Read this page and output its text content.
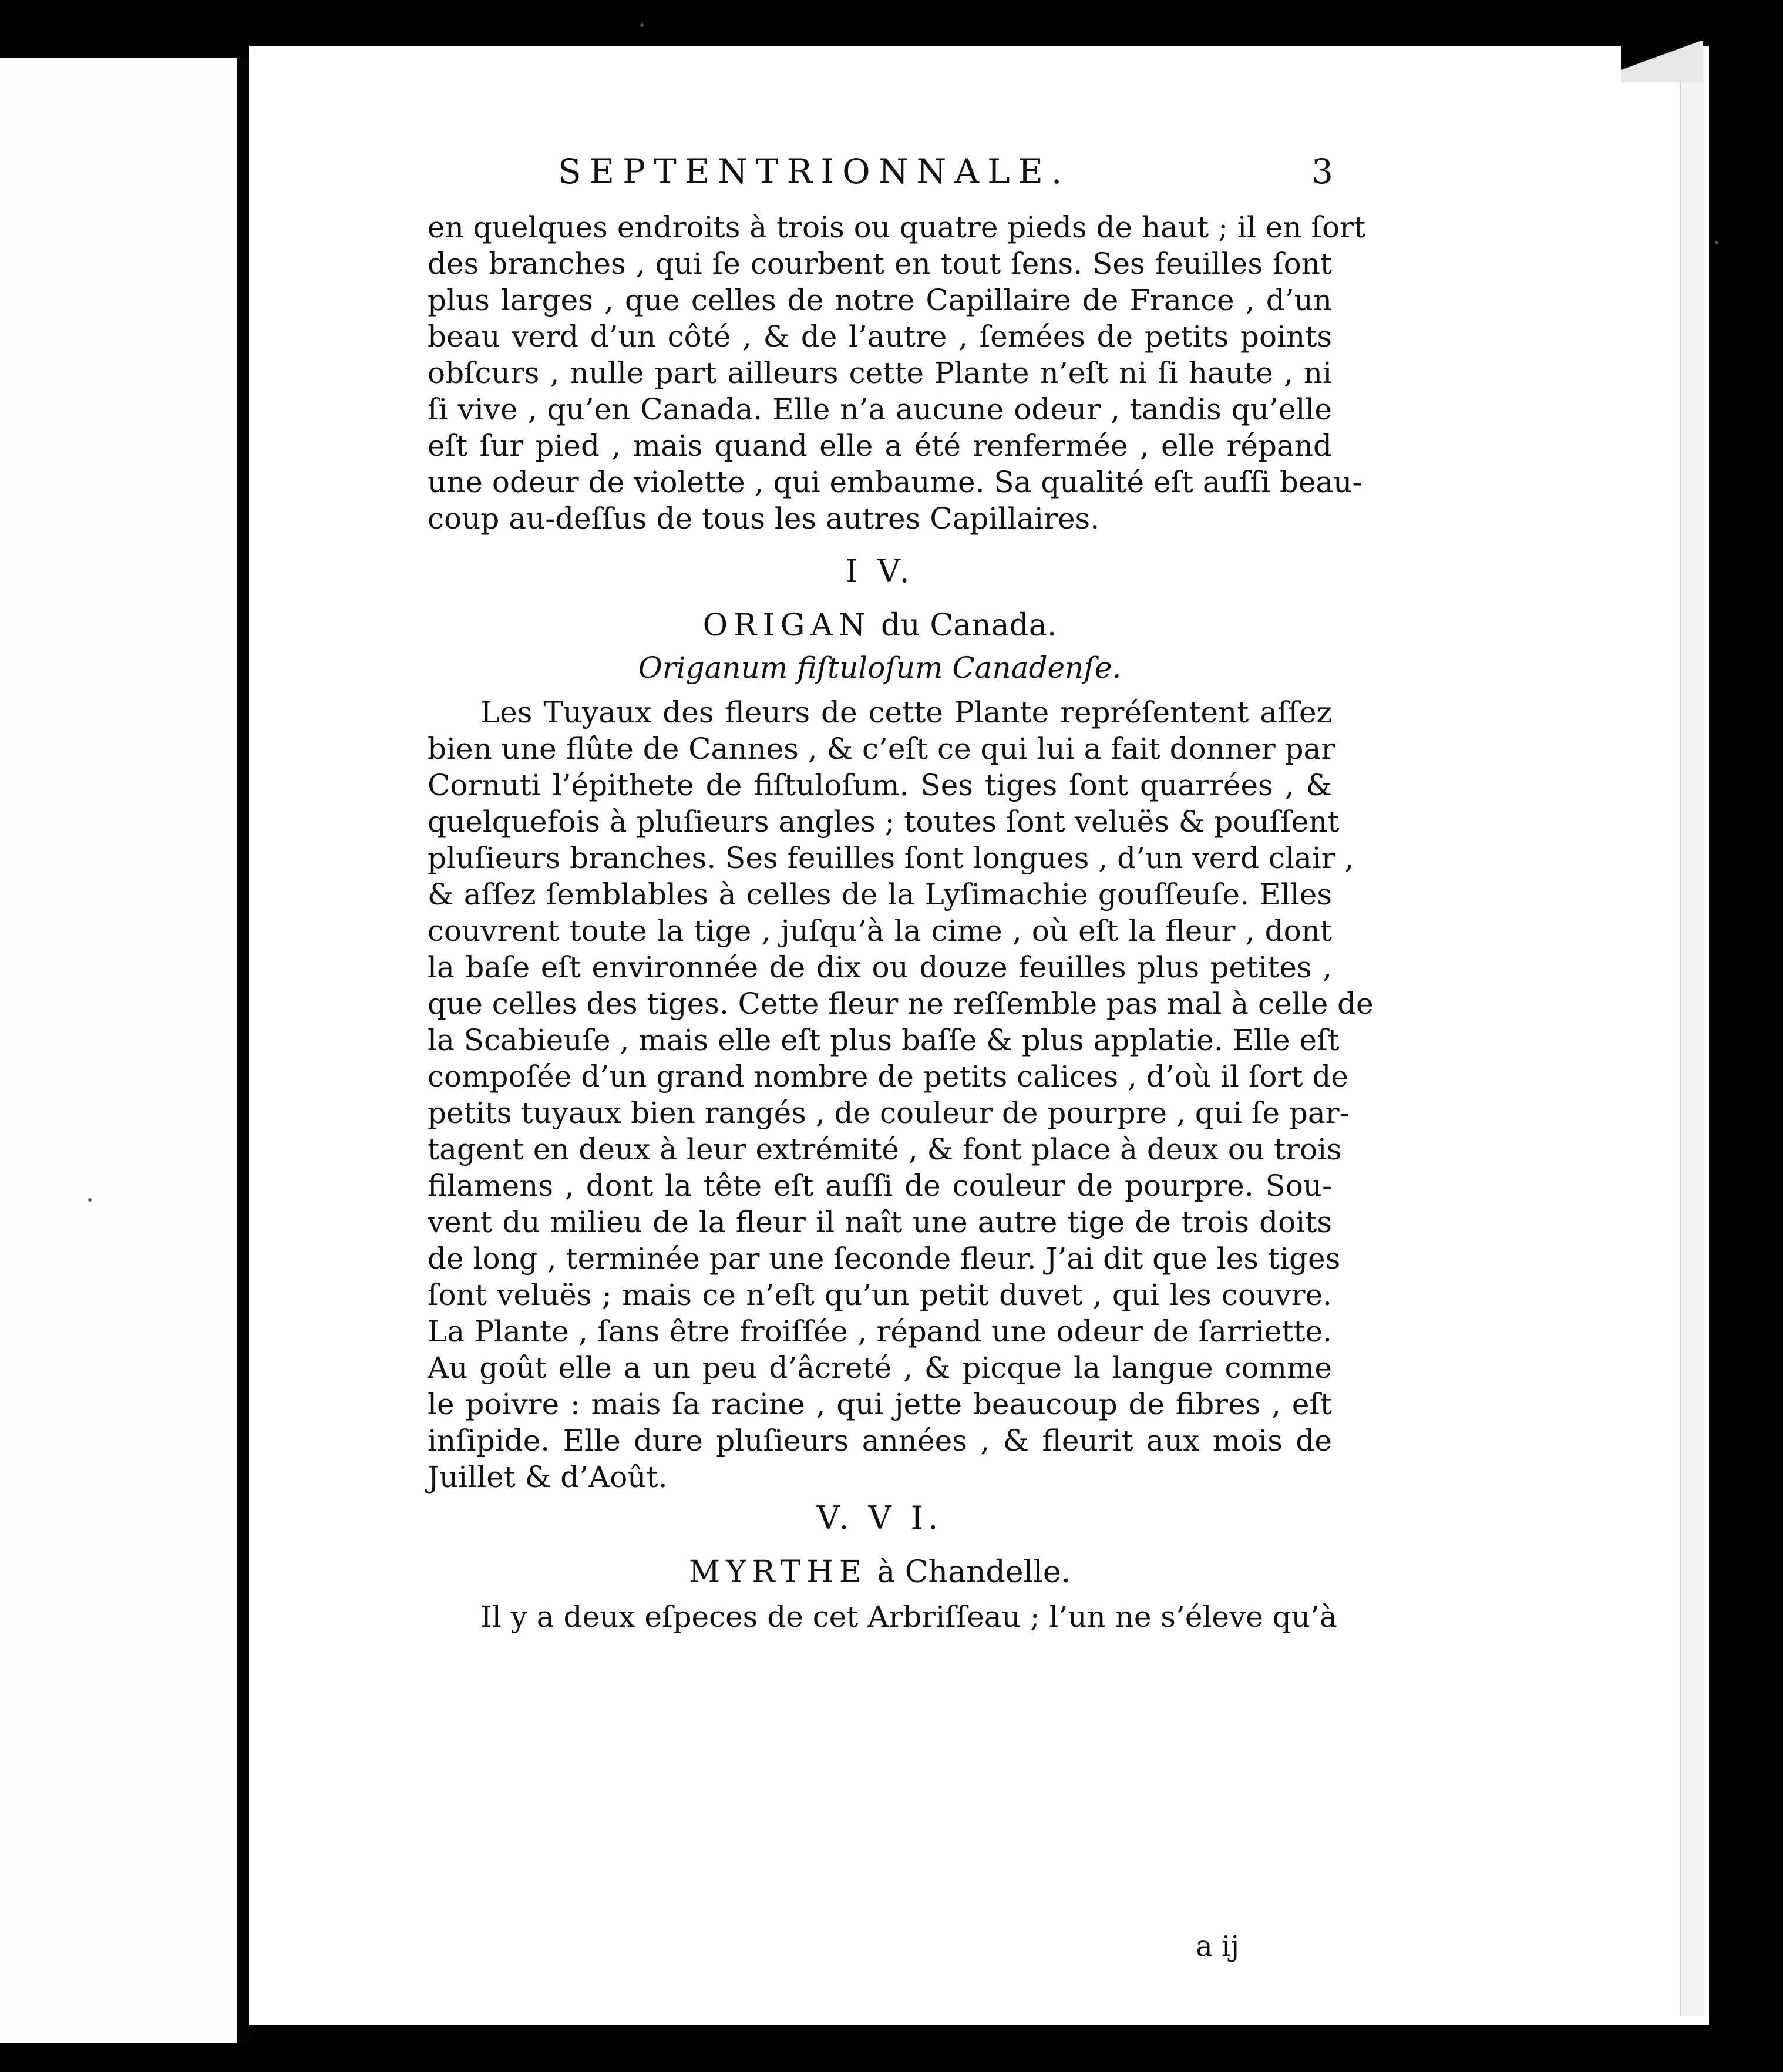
SEPTENTRIONNALE.	3
en quelques endroits à trois ou quatre pieds de haut ; il en ſort
des branches , qui ſe courbent en tout ſens. Ses feuilles ſont
plus larges , que celles de notre Capillaire de France , d’un
beau verd d’un côté , & de l’autre , ſemées de petits points
obſcurs , nulle part ailleurs cette Plante n’eſt ni ſi haute , ni
ſi vive , qu’en Canada. Elle n’a aucune odeur , tandis qu’elle
eſt ſur pied , mais quand elle a été renfermée , elle répand
une odeur de violette , qui embaume. Sa qualité eſt auſſi beau-
coup au-deſſus de tous les autres Capillaires.
I V.
ORIGAN du Canada.
Origanum fiſtuloſum Canadenſe.
Les Tuyaux des fleurs de cette Plante repréſentent aſſez
bien une flûte de Cannes , & c’eſt ce qui lui a fait donner par
Cornuti l’épithete de fiſtuloſum. Ses tiges ſont quarrées , &
quelquefois à pluſieurs angles ; toutes ſont veluës & pouſſent
pluſieurs branches. Ses feuilles ſont longues , d’un verd clair ,
& aſſez ſemblables à celles de la Lyſimachie gouſſeuſe. Elles
couvrent toute la tige , juſqu’à la cime , où eſt la fleur , dont
la baſe eſt environnée de dix ou douze feuilles plus petites ,
que celles des tiges. Cette fleur ne reſſemble pas mal à celle de
la Scabieuſe , mais elle eſt plus baſſe & plus applatie. Elle eſt
compoſée d’un grand nombre de petits calices , d’où il ſort de
petits tuyaux bien rangés , de couleur de pourpre , qui ſe par-
tagent en deux à leur extrémité , & font place à deux ou trois
filamens , dont la tête eſt auſſi de couleur de pourpre. Sou-
vent du milieu de la fleur il naît une autre tige de trois doits
de long , terminée par une ſeconde fleur. J’ai dit que les tiges
ſont veluës ; mais ce n’eſt qu’un petit duvet , qui les couvre.
La Plante , ſans être froiſſée , répand une odeur de ſarriette.
Au goût elle a un peu d’âcreté , & picque la langue comme
le poivre : mais ſa racine , qui jette beaucoup de fibres , eſt
inſipide. Elle dure pluſieurs années , & fleurit aux mois de
Juillet & d’Août.
V. V I.
MYRTHE à Chandelle.
Il y a deux eſpeces de cet Arbriſſeau ; l’un ne s’éleve qu’à
a ij
